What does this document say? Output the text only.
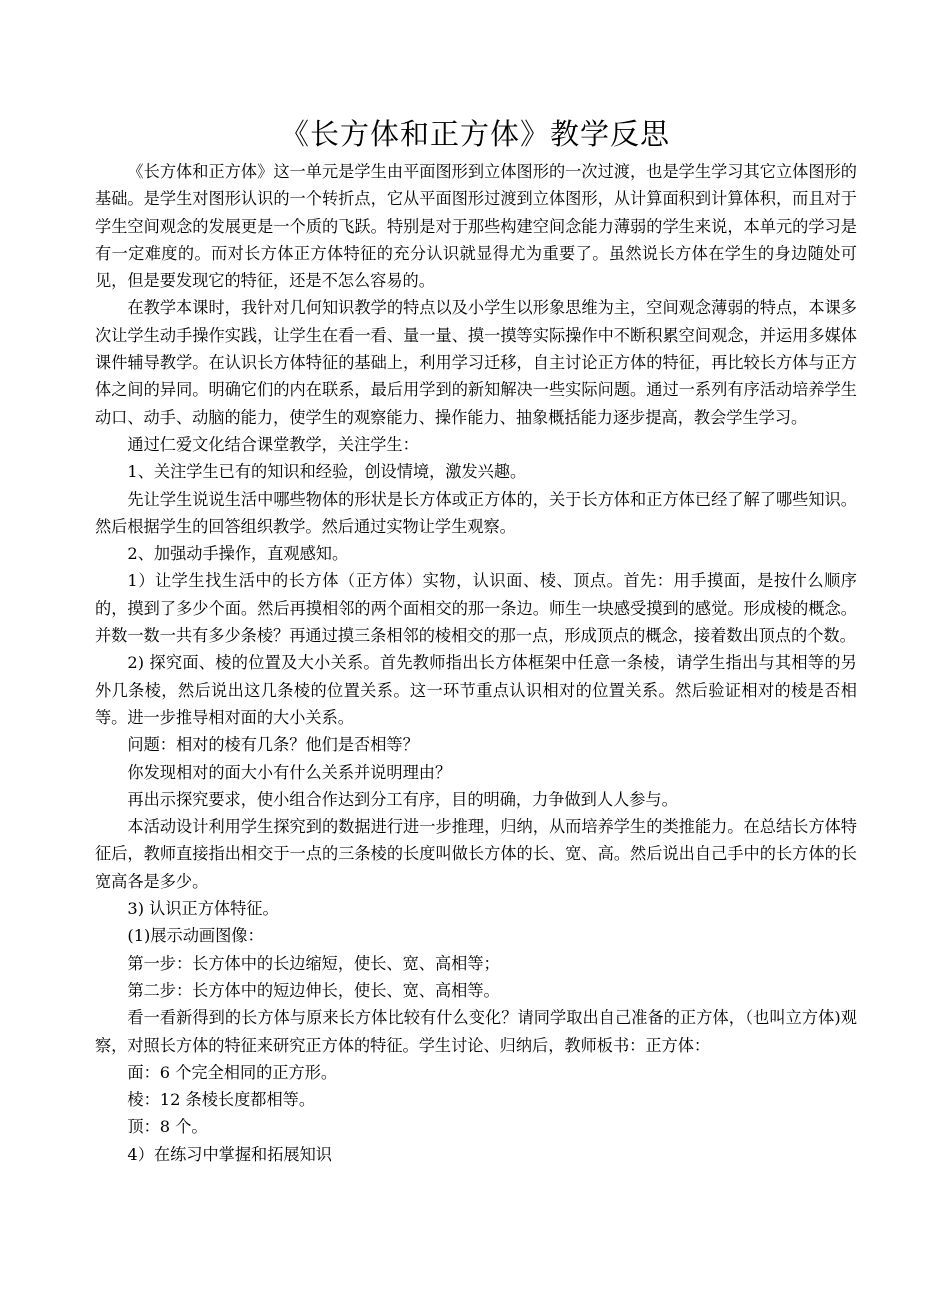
《长方体和正方体》教学反思

《长方体和正方体》这一单元是学生由平面图形到立体图形的一次过渡，也是学生学习其它立体图形的基础。是学生对图形认识的一个转折点，它从平面图形过渡到立体图形，从计算面积到计算体积，而且对于学生空间观念的发展更是一个质的飞跃。特别是对于那些构建空间念能力薄弱的学生来说，本单元的学习是有一定难度的。而对长方体正方体特征的充分认识就显得尤为重要了。虽然说长方体在学生的身边随处可见，但是要发现它的特征，还是不怎么容易的。

在教学本课时，我针对几何知识教学的特点以及小学生以形象思维为主，空间观念薄弱的特点，本课多次让学生动手操作实践，让学生在看一看、量一量、摸一摸等实际操作中不断积累空间观念，并运用多媒体课件辅导教学。在认识长方体特征的基础上，利用学习迁移，自主讨论正方体的特征，再比较长方体与正方体之间的异同。明确它们的内在联系，最后用学到的新知解决一些实际问题。通过一系列有序活动培养学生动口、动手、动脑的能力，使学生的观察能力、操作能力、抽象概括能力逐步提高，教会学生学习。

通过仁爱文化结合课堂教学，关注学生：

1、关注学生已有的知识和经验，创设情境，激发兴趣。

先让学生说说生活中哪些物体的形状是长方体或正方体的，关于长方体和正方体已经了解了哪些知识。然后根据学生的回答组织教学。然后通过实物让学生观察。

2、加强动手操作，直观感知。

1）让学生找生活中的长方体（正方体）实物，认识面、棱、顶点。首先：用手摸面，是按什么顺序的，摸到了多少个面。然后再摸相邻的两个面相交的那一条边。师生一块感受摸到的感觉。形成棱的概念。并数一数一共有多少条棱？再通过摸三条相邻的棱相交的那一点，形成顶点的概念，接着数出顶点的个数。

2) 探究面、棱的位置及大小关系。首先教师指出长方体框架中任意一条棱，请学生指出与其相等的另外几条棱，然后说出这几条棱的位置关系。这一环节重点认识相对的位置关系。然后验证相对的棱是否相等。进一步推导相对面的大小关系。

问题：相对的棱有几条？他们是否相等？

你发现相对的面大小有什么关系并说明理由？

再出示探究要求，使小组合作达到分工有序，目的明确，力争做到人人参与。

本活动设计利用学生探究到的数据进行进一步推理，归纳，从而培养学生的类推能力。在总结长方体特征后，教师直接指出相交于一点的三条棱的长度叫做长方体的长、宽、高。然后说出自己手中的长方体的长宽高各是多少。

3) 认识正方体特征。

(1)展示动画图像：

第一步：长方体中的长边缩短，使长、宽、高相等；

第二步：长方体中的短边伸长，使长、宽、高相等。

看一看新得到的长方体与原来长方体比较有什么变化？请同学取出自己准备的正方体，（也叫立方体)观察，对照长方体的特征来研究正方体的特征。学生讨论、归纳后，教师板书：正方体：

面：6 个完全相同的正方形。

棱：12 条棱长度都相等。

顶：8 个。

4）在练习中掌握和拓展知识
